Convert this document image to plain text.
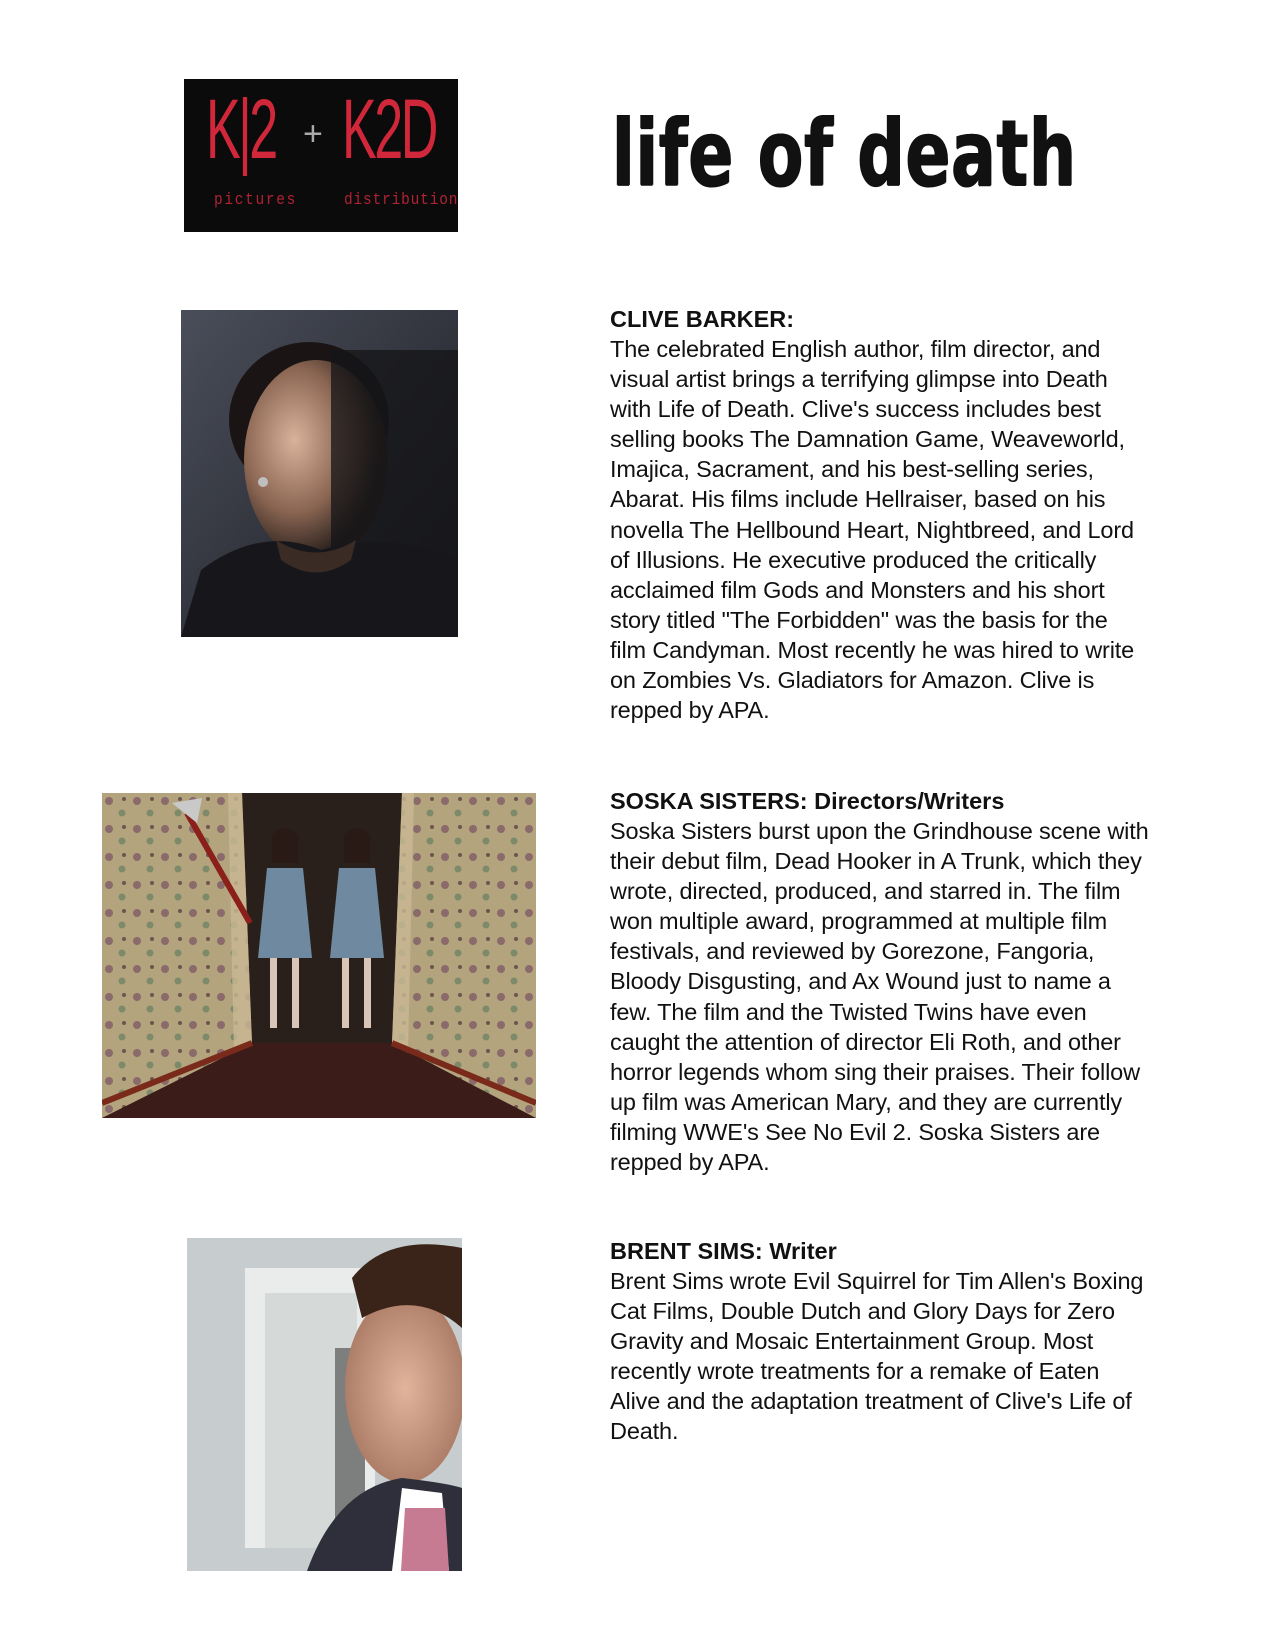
K|2 + K2D
pictures	distribution life of death
CLIVE BARKER:

The celebrated English author, film director, and visual artist brings a terrifying glimpse into Death with Life of Death. Clive's success includes best selling books The Damnation Game, Weaveworld, Imajica, Sacrament, and his best-selling series, Abarat. His films include Hellraiser, based on his novella The Hellbound Heart, Nightbreed, and Lord of Illusions. He executive produced the critically acclaimed film Gods and Monsters and his short story titled "The Forbidden" was the basis for the film Candyman. Most recently he was hired to write on Zombies Vs. Gladiators for Amazon. Clive is repped by APA.

SOSKA SISTERS: Directors/Writers

Soska Sisters burst upon the Grindhouse scene with their debut film, Dead Hooker in A Trunk, which they wrote, directed, produced, and starred in. The film won multiple award, programmed at multiple film festivals, and reviewed by Gorezone, Fangoria, Bloody Disgusting, and Ax Wound just to name a few. The film and the Twisted Twins have even caught the attention of director Eli Roth, and other horror legends whom sing their praises. Their follow up film was American Mary, and they are currently filming WWE's See No Evil 2. Soska Sisters are repped by APA.

BRENT SIMS: Writer

Brent Sims wrote Evil Squirrel for Tim Allen's Boxing Cat Films, Double Dutch and Glory Days for Zero Gravity and Mosaic Entertainment Group. Most recently wrote treatments for a remake of Eaten Alive and the adaptation treatment of Clive's Life of Death.
